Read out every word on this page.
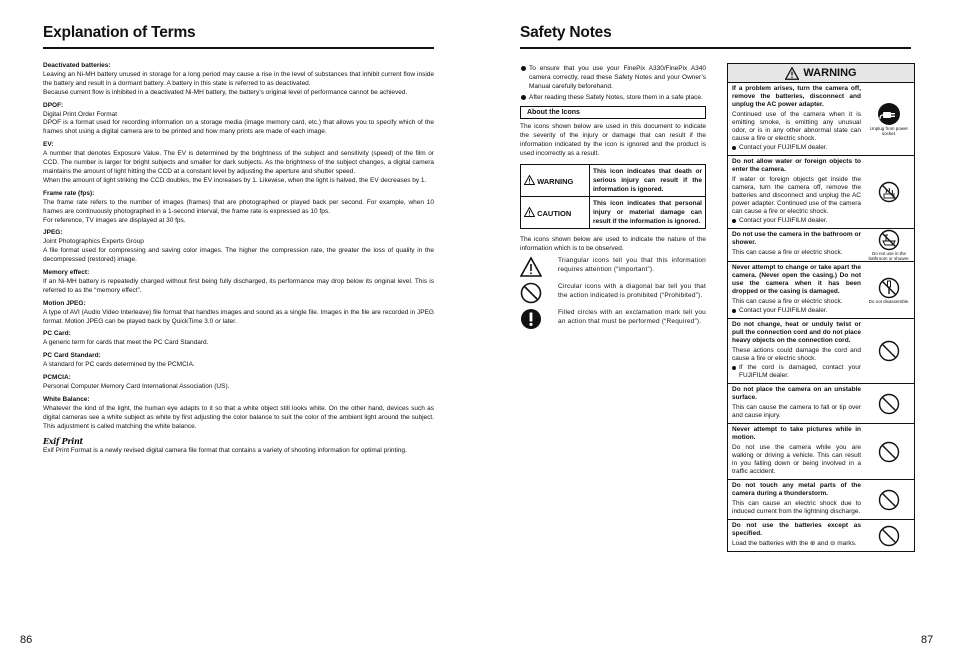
Explanation of Terms
Deactivated batteries:

Leaving an Ni-MH battery unused in storage for a long period may cause a rise in the level of substances that inhibit current flow inside the battery and result in a dormant battery. A battery in this state is referred to as deactivated.

Because current flow is inhibited in a deactivated Ni-MH battery, the battery’s original level of performance cannot be achieved.

DPOF:

Digital Print Order Format

DPOF is a format used for recording information on a storage media (image memory card, etc.) that allows you to specify which of the frames shot using a digital camera are to be printed and how many prints are made of each image.

EV:

A number that denotes Exposure Value. The EV is determined by the brightness of the subject and sensitivity (speed) of the film or CCD. The number is larger for bright subjects and smaller for dark subjects. As the brightness of the subject changes, a digital camera maintains the amount of light hitting the CCD at a constant level by adjusting the aperture and shutter speed.

When the amount of light striking the CCD doubles, the EV increases by 1. Likewise, when the light is halved, the EV decreases by 1.

Frame rate (fps):

The frame rate refers to the number of images (frames) that are photographed or played back per second. For example, when 10 frames are continuously photographed in a 1-second interval, the frame rate is expressed as 10 fps.

For reference, TV images are displayed at 30 fps.

JPEG:

Joint Photographics Experts Group

A file format used for compressing and saving color images. The higher the compression rate, the greater the loss of quality in the decompressed (restored) image.

Memory effect:

If an Ni-MH battery is repeatedly charged without first being fully discharged, its performance may drop below its original level. This is referred to as the “memory effect”.

Motion JPEG:

A type of AVI (Audio Video Interleave) file format that handles images and sound as a single file. Images in the file are recorded in JPEG format. Motion JPEG can be played back by QuickTime 3.0 or later.

PC Card:

A generic term for cards that meet the PC Card Standard.

PC Card Standard:

A standard for PC cards determined by the PCMCIA.

PCMCIA:

Personal Computer Memory Card International Association (US).

White Balance:

Whatever the kind of the light, the human eye adapts to it so that a white object still looks white. On the other hand, devices such as digital cameras see a white subject as white by first adjusting the color balance to suit the color of the ambient light around the subject. This adjustment is called matching the white balance.

Exif Print

Exif Print Format is a newly revised digital camera file format that contains a variety of shooting information for optimal printing.

86
Safety Notes

To ensure that you use your FinePix A330/FinePix A340 camera correctly, read these Safety Notes and your Owner’s Manual carefully beforehand.

After reading these Safety Notes, store them in a safe place.

About the Icons

The icons shown below are used in this document to indicate the severity of the injury or damage that can result if the information indicated by the icon is ignored and the product is used incorrectly as a result.

WARNING	This icon indicates that death or serious injury can result if the information is ignored.
CAUTION	This icon indicates that personal injury or material damage can result if the information is ignored.

The icons shown below are used to indicate the nature of the information which is to be observed.

Triangular icons tell you that this information requires attention (“important”).

Circular icons with a diagonal bar tell you that the action indicated is prohibited (“Prohibited”).

Filled circles with an exclamation mark tell you an action that must be performed (“Required”).

WARNING

If a problem arises, turn the camera off, remove the batteries, disconnect and unplug the AC power adapter.

Continued use of the camera when it is emitting smoke, is emitting any unusual odor, or is in any other abnormal state can cause a fire or electric shock.

Contact your FUJIFILM dealer.
Unplug from power socket.

Do not allow water or foreign objects to enter the camera.

If water or foreign objects get inside the camera, turn the camera off, remove the batteries and disconnect and unplug the AC power adapter. Continued use of the camera can cause a fire or electric shock.

Contact your FUJIFILM dealer.

Do not use the camera in the bathroom or shower.

This can cause a fire or electric shock.	Do not use in the bathroom or shower.

Never attempt to change or take apart the camera. (Never open the casing.) Do not use the camera when it has been dropped or the casing is damaged.

This can cause a fire or electric shock.

Contact your FUJIFILM dealer.
Do not disassemble.

Do not change, heat or unduly twist or pull the connection cord and do not place heavy objects on the connection cord.

These actions could damage the cord and cause a fire or electric shock.

If the cord is damaged, contact your FUJIFILM dealer.

Do not place the camera on an unstable surface.

This can cause the camera to fall or tip over and cause injury.

Never attempt to take pictures while in motion.

Do not use the camera while you are walking or driving a vehicle. This can result in you falling down or being involved in a traffic accident.

Do not touch any metal parts of the camera during a thunderstorm.

This can cause an electric shock due to induced current from the lightning discharge.

Do not use the batteries except as specified.

Load the batteries with the ⊕ and ⊖ marks.

87
